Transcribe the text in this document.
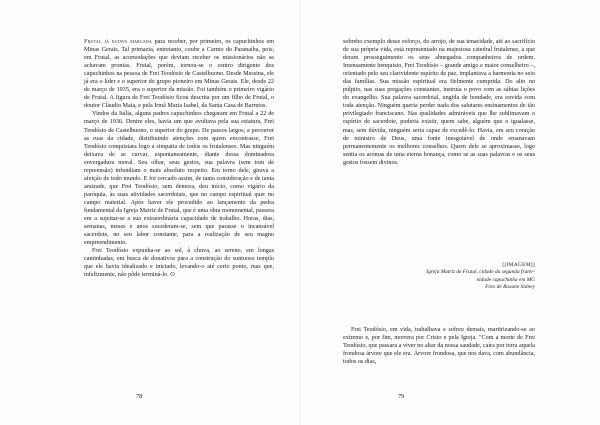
Frutal já estava marcada para receber, por primeiro, os capuchinhos em Minas Gerais. Tal primazia, entretanto, coube a Carmo do Paranaíba, pois, em Frutal, as acomodações que deviam receber os missionários não se achavam prontas. Frutal, porém, tornou-se o centro dirigente dos capuchinhos na pessoa de Frei Teodósio de Castelbuono. Desde Messina, ele já era o líder e o superior do grupo pioneiro em Minas Gerais. Ele, desde 22 de março de 1935, era o superior da missão. Foi também o primeiro vigário de Frutal. A figura de Frei Teodósio ficou descrita por um filho de Frutal, o doutor Cláudio Maia, e pela Irmã Maria Isabel, da Santa Casa de Barretos.

Vindos da Itália, alguns padres capuchinhos chegaram em Frutal a 22 de março de 1936. Dentre eles, havia um que avultava pela sua estatura, Frei Teodósio de Castelbuono, o superior do grupo. De passos largos, a percorrer as ruas da cidade, distribuindo atenções com quem encontrasse, Frei Teodósio conquistara logo a simpatia de todos os frutalenses. Mas ninguém deixava de se curvar, espontaneamente, diante dessa dominadora envergadura moral. Seu olhar, seus gestos, sua palavra (sem tom de repreensão) infundiam o mais absoluto respeito. Em torno dele, girava a afeição de todo mundo. E foi cercado assim, de tanta consideração e de tanta amizade, que Frei Teodósio, sem demora, deu início, como vigário da paróquia, às suas atividades sacerdotais, que no campo espiritual quer no campo material. Após haver ele procedido ao lançamento da pedra fundamental da Igreja Matriz de Frutal, que é uma obra monumental, passera em a sujeitar-se a sua extraordinária capacidade de trabalho. Horas, dias, semanas, meses e anos sucederam-se, sem que parasse o incansável sacerdote, no seu labor constante, para a realização de seu magno empreendimento.

Frei Teodósio expunha-se ao sol, à chuva, ao sereno, em longas caminhadas, em busca de donativos para a construção do suntuoso templo que ele havia idealizado e iniciado, levando-o até certo ponto, mas que, infelizmente, não pôde terminá-lo. O

78

sobrebo exemplo desse esforço, do arrojo, de sua tenacidade, até ao sacrifício de sua própria vida, está representado na majestosa catedral frutalense, a que deram prosseguimento os seus abnegados companheiros de ordem. Imensamente benquisto, Frei Teodósio – grande amigo e maior conselheiro –, orientado pelo seu clarividente espírito de paz, implantava a harmonia no seio das famílias. Sua missão espiritual era fielmente cumprida. Do alto no púlpito, nas suas pregações constantes, instruía o povo com as sábias lições do evangelho. Sua palavra sacerdotal, ungida de bondade, era ouvida com toda atenção. Ninguém queria perder nada dos salutares ensinamentos de tão privilegiado franciscano. Nas qualidades admiráveis que lhe sublimavam o espírito de sacerdote, poderia existir, quem sabe, alguém que o igualasse, mas, sem dúvida, ninguém seria capaz de excedê-lo. Havia, em seu coração de ministro de Deus, uma fonte inesgotável de onde emanavam permanentemente os melhores conselhos. Quem dele se aproximasse, logo sentia os aromas de uma eterna bonança, como se as suas palavras e os seus gestos fossem divinos.

[[IMAGEM]]
Igreja Matriz de Frutal, cidade da segunda frater-
nidade capuchinha em MG
Foto de Roxane Sidney

Frei Teodósio, em vida, trabalhava e sofreu demais, martirizando-se ao extremo e, por fim, morrera por Cristo e pela Igreja. "Com a morte de Frei Teodósio, que passara a viver no altar da nossa saudade, caíra por terra aquela frondosa árvore que ele era. Árvore frondosa, que nos dava, com abundância, todos os dias,

79
